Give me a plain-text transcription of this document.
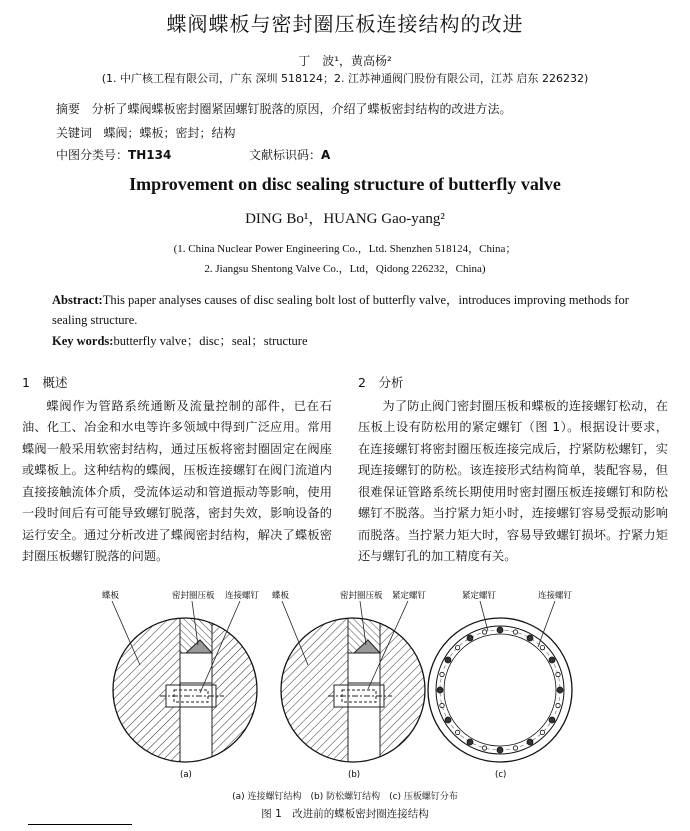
蝶阀蝶板与密封圈压板连接结构的改进
丁　波¹，黄高杨²
(1. 中广核工程有限公司，广东 深圳 518124；2. 江苏神通阀门股份有限公司，江苏 启东 226232)
摘要 分析了蝶阀蝶板密封圈紧固螺钉脱落的原因，介绍了蝶板密封结构的改进方法。
关键词 蝶阀；蝶板；密封；结构
中图分类号：TH134	文献标识码：A
Improvement on disc sealing structure of butterfly valve
DING Bo¹，HUANG Gao-yang²
(1. China Nuclear Power Engineering Co.，Ltd. Shenzhen 518124，China；
2. Jiangsu Shentong Valve Co.，Ltd，Qidong 226232，China)
Abstract:This paper analyses causes of disc sealing bolt lost of butterfly valve，introduces improving methods for sealing structure.
Key words:butterfly valve；disc；seal；structure
1　概述

蝶阀作为管路系统通断及流量控制的部件，已在石油、化工、冶金和水电等许多领域中得到广泛应用。常用蝶阀一般采用软密封结构，通过压板将密封圈固定在阀座或蝶板上。这种结构的蝶阀，压板连接螺钉在阀门流道内直接接触流体介质，受流体运动和管道振动等影响，使用一段时间后有可能导致螺钉脱落，密封失效，影响设备的运行安全。通过分析改进了蝶阀密封结构，解决了蝶板密封圈压板螺钉脱落的问题。

2　分析

为了防止阀门密封圈压板和蝶板的连接螺钉松动，在压板上设有防松用的紧定螺钉（图 1）。根据设计要求，在连接螺钉将密封圈压板连接完成后，拧紧防松螺钉，实现连接螺钉的防松。该连接形式结构简单，装配容易，但很难保证管路系统长期使用时密封圈压板连接螺钉和防松螺钉不脱落。当拧紧力矩小时，连接螺钉容易受振动影响而脱落。当拧紧力矩大时，容易导致螺钉损坏。拧紧力矩还与螺钉孔的加工精度有关。

蝶板	密封圈压板 连接螺钉
(a)
蝶板	密封圈压板 紧定螺钉
(b)
紧定螺钉	连接螺钉
(c)
(a) 连接螺钉结构　(b) 防松螺钉结构　(c) 压板螺钉分布
图 1　改进前的蝶板密封圈连接结构
